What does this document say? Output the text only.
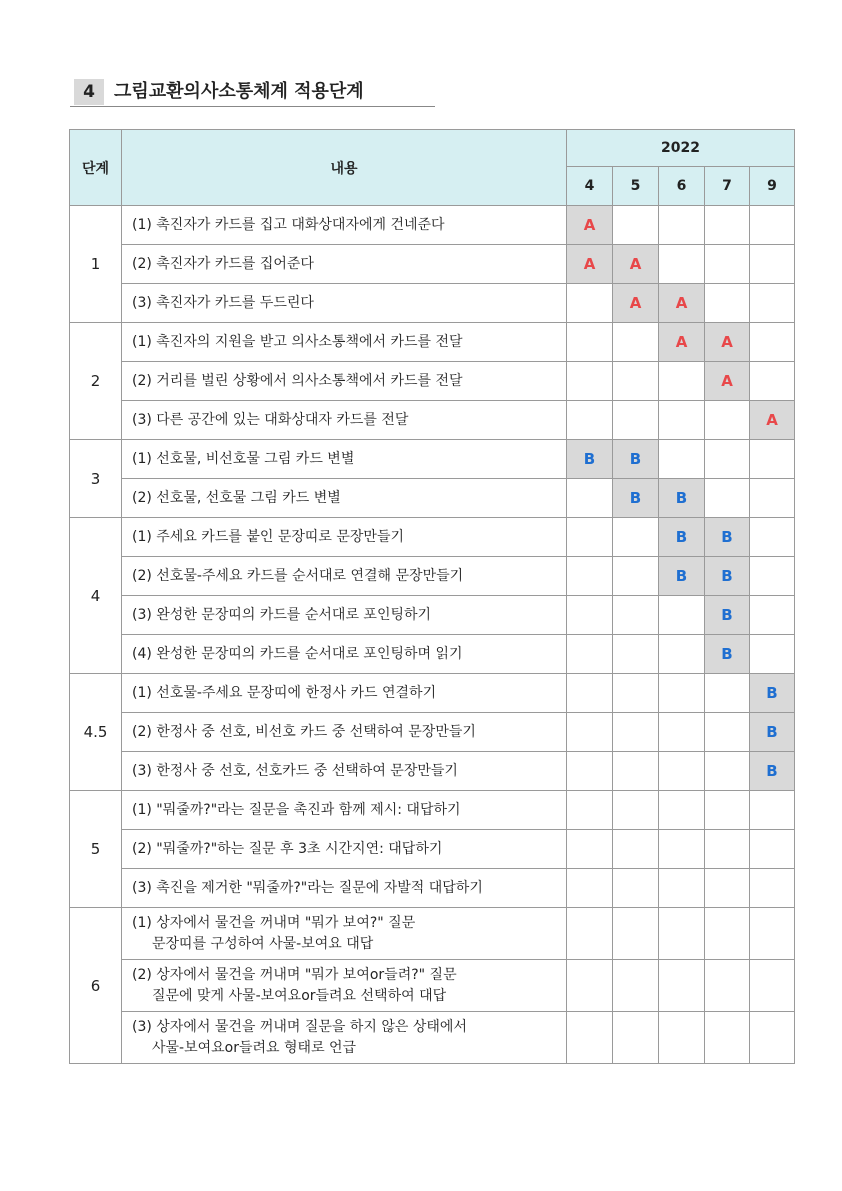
4	그림교환의사소통체계 적용단계
단계	내용	2022				
		4	5	6	7	9
1	(1) 촉진자가 카드를 집고 대화상대자에게 건네준다	A				

	(2) 촉진자가 카드를 집어준다	A	A			

	(3) 촉진자가 카드를 두드린다		A	A		
2	(1) 촉진자의 지원을 받고 의사소통책에서 카드를 전달			A	A	

	(2) 거리를 벌린 상황에서 의사소통책에서 카드를 전달				A	

	(3) 다른 공간에 있는 대화상대자 카드를 전달					A
3	(1) 선호물, 비선호물 그림 카드 변별	B	B			

	(2) 선호물, 선호물 그림 카드 변별		B	B		
4	(1) 주세요 카드를 붙인 문장띠로 문장만들기			B	B	

	(2) 선호물-주세요 카드를 순서대로 연결해 문장만들기			B	B	

	(3) 완성한 문장띠의 카드를 순서대로 포인팅하기				B	

	(4) 완성한 문장띠의 카드를 순서대로 포인팅하며 읽기				B	
4.5	(1) 선호물-주세요 문장띠에 한정사 카드 연결하기					B

	(2) 한정사 중 선호, 비선호 카드 중 선택하여 문장만들기					B

	(3) 한정사 중 선호, 선호카드 중 선택하여 문장만들기					B
5	(1) "뭐줄까?"라는 질문을 촉진과 함께 제시: 대답하기					

	(2) "뭐줄까?"하는 질문 후 3초 시간지연: 대답하기					

	(3) 촉진을 제거한 "뭐줄까?"라는 질문에 자발적 대답하기					

6	(1) 상자에서 물건을 꺼내며 "뭐가 보여?" 질문
문장띠를 구성하여 사물-보여요 대답					

	(2) 상자에서 물건을 꺼내며 "뭐가 보여or들려?" 질문
질문에 맞게 사물-보여요or들려요 선택하여 대답					

	(3) 상자에서 물건을 꺼내며 질문을 하지 않은 상태에서
사물-보여요or들려요 형태로 언급					
